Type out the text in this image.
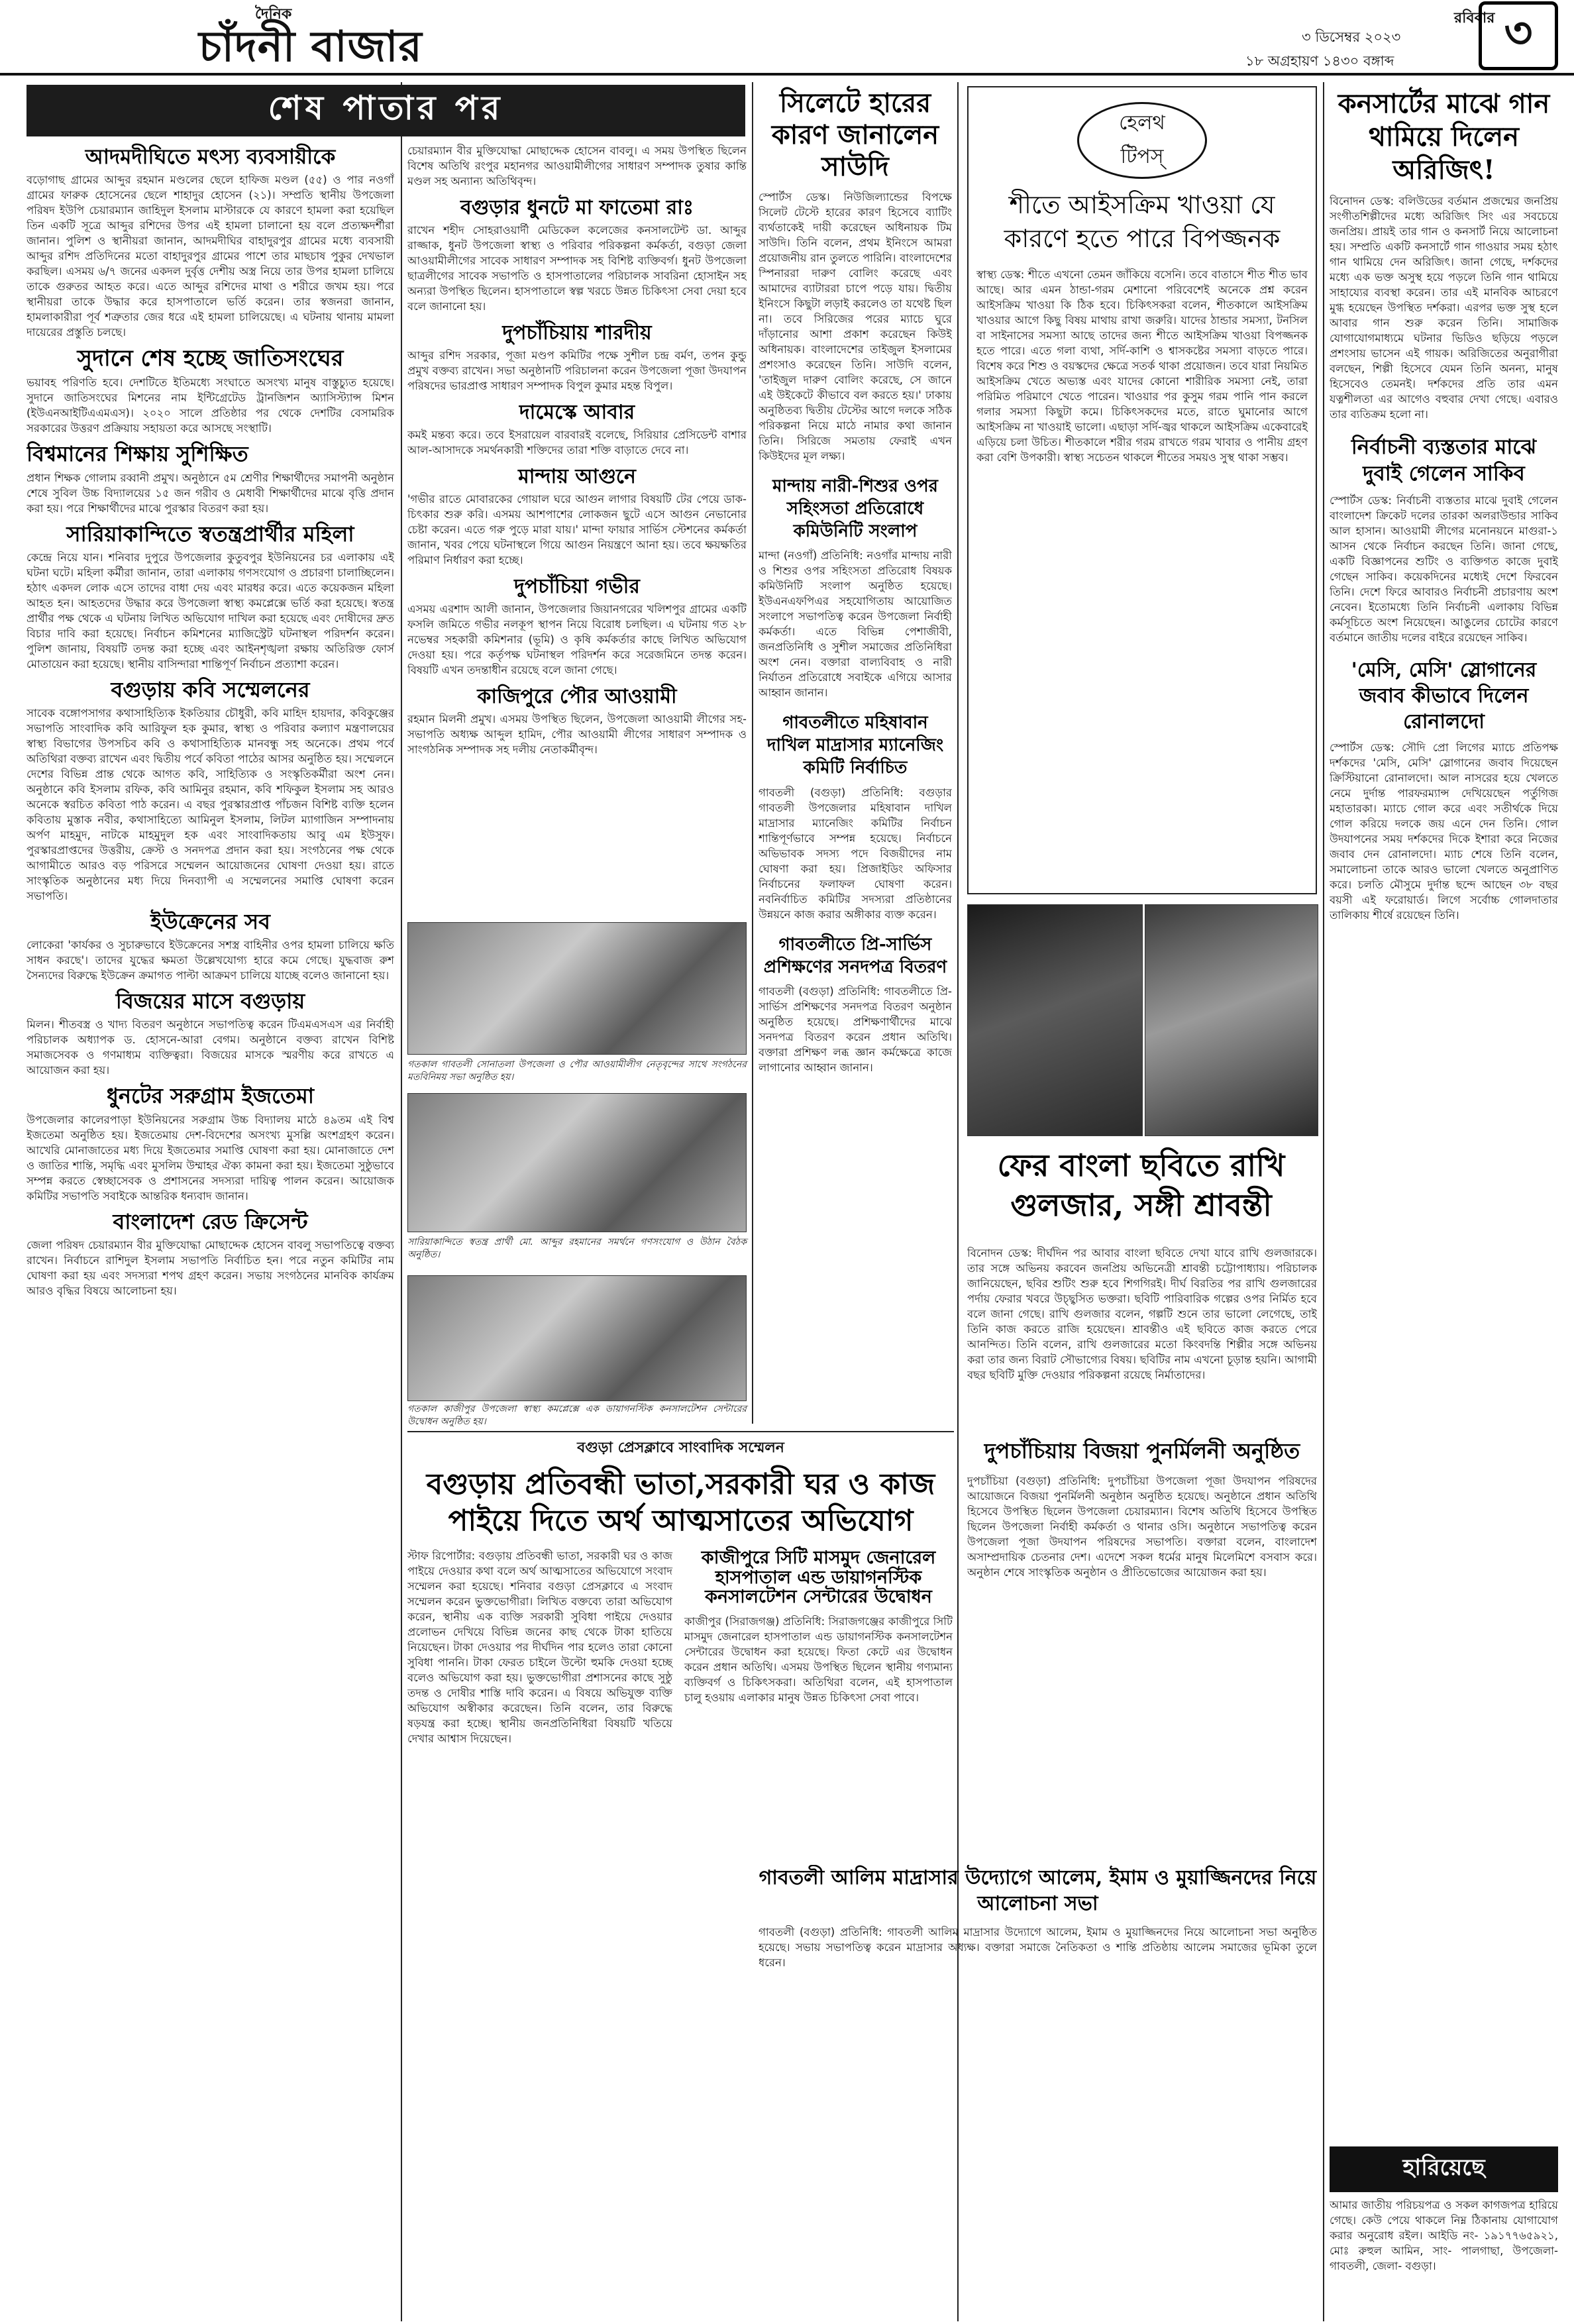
দৈনিক
চাঁদনী বাজার
রবিবার
৩ ডিসেম্বর ২০২৩
১৮ অগ্রহায়ণ ১৪৩০ বঙ্গাব্দ
৩
শেষ পাতার পর
আদমদীঘিতে মৎস্য ব্যবসায়ীকে

বড়োগাছ গ্রামের আব্দুর রহমান মণ্ডলের ছেলে হাফিজ মণ্ডল (৫৫) ও পার নওগাঁ গ্রামের ফারুক হোসেনের ছেলে শাহাদুর হোসেন (২১)। সম্প্রতি স্থানীয় উপজেলা পরিষদ ইউপি চেয়ারম্যান জাহিদুল ইসলাম মাস্টারকে যে কারণে হামলা করা হয়েছিল তিন একটি সূত্রে আব্দুর রশিদের উপর এই হামলা চালানো হয় বলে প্রত্যক্ষদর্শীরা জানান। পুলিশ ও স্থানীয়রা জানান, আদমদীঘির বাহাদুরপুর গ্রামের মধ্যে ব্যবসায়ী আব্দুর রশিদ প্রতিদিনের মতো বাহাদুরপুর গ্রামের পাশে তার মাছচাষ পুকুর দেখভাল করছিল। এসময় ৬/৭ জনের একদল দুর্বৃত্ত দেশীয় অস্ত্র নিয়ে তার উপর হামলা চালিয়ে তাকে গুরুতর আহত করে। এতে আব্দুর রশিদের মাথা ও শরীরে জখম হয়। পরে স্থানীয়রা তাকে উদ্ধার করে হাসপাতালে ভর্তি করেন। তার স্বজনরা জানান, হামলাকারীরা পূর্ব শত্রুতার জের ধরে এই হামলা চালিয়েছে। এ ঘটনায় থানায় মামলা দায়েরের প্রস্তুতি চলছে।

সুদানে শেষ হচ্ছে জাতিসংঘের

ভয়াবহ পরিণতি হবে। দেশটিতে ইতিমধ্যে সংঘাতে অসংখ্য মানুষ বাস্তুচ্যুত হয়েছে। সুদানে জাতিসংঘের মিশনের নাম ইন্টিগ্রেটেড ট্রানজিশন অ্যাসিস্ট্যান্স মিশন (ইউএনআইটিএএমএস)। ২০২০ সালে প্রতিষ্ঠার পর থেকে দেশটির বেসামরিক সরকারের উত্তরণ প্রক্রিয়ায় সহায়তা করে আসছে সংস্থাটি।

বিশ্বমানের শিক্ষায় সুশিক্ষিত

প্রধান শিক্ষক গোলাম রব্বানী প্রমুখ। অনুষ্ঠানে ৫ম শ্রেণীর শিক্ষার্থীদের সমাপনী অনুষ্ঠান শেষে সুবিল উচ্চ বিদ্যালয়ের ১৫ জন গরীব ও মেধাবী শিক্ষার্থীদের মাঝে বৃত্তি প্রদান করা হয়। পরে শিক্ষার্থীদের মাঝে পুরস্কার বিতরণ করা হয়।

সারিয়াকান্দিতে স্বতন্ত্রপ্রার্থীর মহিলা

কেন্দ্রে নিয়ে যান। শনিবার দুপুরে উপজেলার কুতুবপুর ইউনিয়নের চর এলাকায় এই ঘটনা ঘটে। মহিলা কর্মীরা জানান, তারা এলাকায় গণসংযোগ ও প্রচারণা চালাচ্ছিলেন। হঠাৎ একদল লোক এসে তাদের বাধা দেয় এবং মারধর করে। এতে কয়েকজন মহিলা আহত হন। আহতদের উদ্ধার করে উপজেলা স্বাস্থ্য কমপ্লেক্সে ভর্তি করা হয়েছে। স্বতন্ত্র প্রার্থীর পক্ষ থেকে এ ঘটনায় লিখিত অভিযোগ দাখিল করা হয়েছে এবং দোষীদের দ্রুত বিচার দাবি করা হয়েছে। নির্বাচন কমিশনের ম্যাজিস্ট্রেট ঘটনাস্থল পরিদর্শন করেন। পুলিশ জানায়, বিষয়টি তদন্ত করা হচ্ছে এবং আইনশৃঙ্খলা রক্ষায় অতিরিক্ত ফোর্স মোতায়েন করা হয়েছে। স্থানীয় বাসিন্দারা শান্তিপূর্ণ নির্বাচন প্রত্যাশা করেন।

বগুড়ায় কবি সম্মেলনের

সাবেক বঙ্গোপসাগর কথাসাহিত্যিক ইকতিয়ার চৌধুরী, কবি মাহিদ হায়দার, কবিকুঞ্জের সভাপতি সাংবাদিক কবি আরিফুল হক কুমার, স্বাস্থ্য ও পরিবার কল্যাণ মন্ত্রণালয়ের স্বাস্থ্য বিভাগের উপসচিব কবি ও কথাসাহিত্যিক মানবন্ধু সহ অনেকে। প্রথম পর্বে অতিথিরা বক্তব্য রাখেন এবং দ্বিতীয় পর্বে কবিতা পাঠের আসর অনুষ্ঠিত হয়। সম্মেলনে দেশের বিভিন্ন প্রান্ত থেকে আগত কবি, সাহিত্যিক ও সংস্কৃতিকর্মীরা অংশ নেন। অনুষ্ঠানে কবি ইসলাম রফিক, কবি আমিনুর রহমান, কবি শফিকুল ইসলাম সহ আরও অনেকে স্বরচিত কবিতা পাঠ করেন। এ বছর পুরস্কারপ্রাপ্ত পাঁচজন বিশিষ্ট ব্যক্তি হলেন কবিতায় মুস্তাক নবীর, কথাসাহিত্যে আমিনুল ইসলাম, লিটল ম্যাগাজিন সম্পাদনায় অর্পণ মাহমুদ, নাটকে মাহমুদুল হক এবং সাংবাদিকতায় আবু এম ইউসুফ। পুরস্কারপ্রাপ্তদের উত্তরীয়, ক্রেস্ট ও সনদপত্র প্রদান করা হয়। সংগঠনের পক্ষ থেকে আগামীতে আরও বড় পরিসরে সম্মেলন আয়োজনের ঘোষণা দেওয়া হয়। রাতে সাংস্কৃতিক অনুষ্ঠানের মধ্য দিয়ে দিনব্যাপী এ সম্মেলনের সমাপ্তি ঘোষণা করেন সভাপতি।

ইউক্রেনের সব

লোকেরা 'কার্যকর ও সুচারুভাবে ইউক্রেনের সশস্ত্র বাহিনীর ওপর হামলা চালিয়ে ক্ষতি সাধন করছে'। তাদের যুদ্ধের ক্ষমতা উল্লেখযোগ্য হারে কমে গেছে। যুদ্ধবাজ রুশ সৈন্যদের বিরুদ্ধে ইউক্রেন ক্রমাগত পাল্টা আক্রমণ চালিয়ে যাচ্ছে বলেও জানানো হয়।

বিজয়ের মাসে বগুড়ায়

মিলন। শীতবস্ত্র ও খাদ্য বিতরণ অনুষ্ঠানে সভাপতিত্ব করেন টিএমএসএস এর নির্বাহী পরিচালক অধ্যাপক ড. হোসনে-আরা বেগম। অনুষ্ঠানে বক্তব্য রাখেন বিশিষ্ট সমাজসেবক ও গণমাধ্যম ব্যক্তিত্বরা। বিজয়ের মাসকে স্মরণীয় করে রাখতে এ আয়োজন করা হয়।

ধুনটের সরুগ্রাম ইজতেমা

উপজেলার কালেরপাড়া ইউনিয়নের সরুগ্রাম উচ্চ বিদ্যালয় মাঠে ৪৯তম এই বিশ্ব ইজতেমা অনুষ্ঠিত হয়। ইজতেমায় দেশ-বিদেশের অসংখ্য মুসল্লি অংশগ্রহণ করেন। আখেরি মোনাজাতের মধ্য দিয়ে ইজতেমার সমাপ্তি ঘোষণা করা হয়। মোনাজাতে দেশ ও জাতির শান্তি, সমৃদ্ধি এবং মুসলিম উম্মাহর ঐক্য কামনা করা হয়। ইজতেমা সুষ্ঠুভাবে সম্পন্ন করতে স্বেচ্ছাসেবক ও প্রশাসনের সদস্যরা দায়িত্ব পালন করেন। আয়োজক কমিটির সভাপতি সবাইকে আন্তরিক ধন্যবাদ জানান।

বাংলাদেশ রেড ক্রিসেন্ট

জেলা পরিষদ চেয়ারম্যান বীর মুক্তিযোদ্ধা মোছাদ্দেক হোসেন বাবলু সভাপতিত্বে বক্তব্য রাখেন। নির্বাচনে রাশিদুল ইসলাম সভাপতি নির্বাচিত হন। পরে নতুন কমিটির নাম ঘোষণা করা হয় এবং সদস্যরা শপথ গ্রহণ করেন। সভায় সংগঠনের মানবিক কার্যক্রম আরও বৃদ্ধির বিষয়ে আলোচনা হয়।

চেয়ারম্যান বীর মুক্তিযোদ্ধা মোছাদ্দেক হোসেন বাবলু। এ সময় উপস্থিত ছিলেন বিশেষ অতিথি রংপুর মহানগর আওয়ামীলীগের সাধারণ সম্পাদক তুষার কান্তি মণ্ডল সহ অন্যান্য অতিথিবৃন্দ।

বগুড়ার ধুনটে মা ফাতেমা রাঃ

রাখেন শহীদ সোহরাওয়ার্দী মেডিকেল কলেজের কনসালটেন্ট ডা. আব্দুর রাজ্জাক, ধুনট উপজেলা স্বাস্থ্য ও পরিবার পরিকল্পনা কর্মকর্তা, বগুড়া জেলা আওয়ামীলীগের সাবেক সাধারণ সম্পাদক সহ বিশিষ্ট ব্যক্তিবর্গ। ধুনট উপজেলা ছাত্রলীগের সাবেক সভাপতি ও হাসপাতালের পরিচালক সাবরিনা হোসাইন সহ অন্যরা উপস্থিত ছিলেন। হাসপাতালে স্বল্প খরচে উন্নত চিকিৎসা সেবা দেয়া হবে বলে জানানো হয়।

দুপচাঁচিয়ায় শারদীয়

আব্দুর রশিদ সরকার, পূজা মণ্ডপ কমিটির পক্ষে সুশীল চন্দ্র বর্মণ, তপন কুন্ডু প্রমুখ বক্তব্য রাখেন। সভা অনুষ্ঠানটি পরিচালনা করেন উপজেলা পূজা উদযাপন পরিষদের ভারপ্রাপ্ত সাধারণ সম্পাদক বিপুল কুমার মহন্ত বিপুল।

দামেস্কে আবার

কমই মন্তব্য করে। তবে ইসরায়েল বারবারই বলেছে, সিরিয়ার প্রেসিডেন্ট বাশার আল-আসাদকে সমর্থনকারী শক্তিদের তারা শক্তি বাড়াতে দেবে না।

মান্দায় আগুনে

'গভীর রাতে মোবারকের গোয়াল ঘরে আগুন লাগার বিষয়টি টের পেয়ে ডাক-চিৎকার শুরু করি। এসময় আশপাশের লোকজন ছুটে এসে আগুন নেভানোর চেষ্টা করেন। এতে গরু পুড়ে মারা যায়।' মান্দা ফায়ার সার্ভিস স্টেশনের কর্মকর্তা জানান, খবর পেয়ে ঘটনাস্থলে গিয়ে আগুন নিয়ন্ত্রণে আনা হয়। তবে ক্ষয়ক্ষতির পরিমাণ নির্ধারণ করা হচ্ছে।

দুপচাঁচিয়া গভীর

এসময় এরশাদ আলী জানান, উপজেলার জিয়ানগরের খলিশপুর গ্রামের একটি ফসলি জমিতে গভীর নলকূপ স্থাপন নিয়ে বিরোধ চলছিল। এ ঘটনায় গত ২৮ নভেম্বর সহকারী কমিশনার (ভূমি) ও কৃষি কর্মকর্তার কাছে লিখিত অভিযোগ দেওয়া হয়। পরে কর্তৃপক্ষ ঘটনাস্থল পরিদর্শন করে সরেজমিনে তদন্ত করেন। বিষয়টি এখন তদন্তাধীন রয়েছে বলে জানা গেছে।

কাজিপুরে পৌর আওয়ামী

রহমান মিলনী প্রমুখ। এসময় উপস্থিত ছিলেন, উপজেলা আওয়ামী লীগের সহ-সভাপতি অধ্যক্ষ আব্দুল হামিদ, পৌর আওয়ামী লীগের সাধারণ সম্পাদক ও সাংগঠনিক সম্পাদক সহ দলীয় নেতাকর্মীবৃন্দ।

গতকাল গাবতলী সোনাতলা উপজেলা ও পৌর আওয়ামীলীগ নেতৃবৃন্দের সাথে সংগঠনের মতবিনিময় সভা অনুষ্ঠিত হয়।

সারিয়াকান্দিতে স্বতন্ত্র প্রার্থী মো. আব্দুর রহমানের সমর্থনে গণসংযোগ ও উঠান বৈঠক অনুষ্ঠিত।

গতকাল কাজীপুর উপজেলা স্বাস্থ্য কমপ্লেক্সে এক ডায়াগনস্টিক কনসালটেশন সেন্টারের উদ্বোধন অনুষ্ঠিত হয়।

বগুড়া প্রেসক্লাবে সাংবাদিক সম্মেলন
বগুড়ায় প্রতিবন্ধী ভাতা,সরকারী ঘর ও কাজ পাইয়ে দিতে অর্থ আত্মসাতের অভিযোগ

স্টাফ রিপোর্টার: বগুড়ায় প্রতিবন্ধী ভাতা, সরকারী ঘর ও কাজ পাইয়ে দেওয়ার কথা বলে অর্থ আত্মসাতের অভিযোগে সংবাদ সম্মেলন করা হয়েছে। শনিবার বগুড়া প্রেসক্লাবে এ সংবাদ সম্মেলন করেন ভুক্তভোগীরা। লিখিত বক্তব্যে তারা অভিযোগ করেন, স্থানীয় এক ব্যক্তি সরকারী সুবিধা পাইয়ে দেওয়ার প্রলোভন দেখিয়ে বিভিন্ন জনের কাছ থেকে টাকা হাতিয়ে নিয়েছেন। টাকা দেওয়ার পর দীর্ঘদিন পার হলেও তারা কোনো সুবিধা পাননি। টাকা ফেরত চাইলে উল্টো হুমকি দেওয়া হচ্ছে বলেও অভিযোগ করা হয়। ভুক্তভোগীরা প্রশাসনের কাছে সুষ্ঠু তদন্ত ও দোষীর শাস্তি দাবি করেন। এ বিষয়ে অভিযুক্ত ব্যক্তি অভিযোগ অস্বীকার করেছেন। তিনি বলেন, তার বিরুদ্ধে ষড়যন্ত্র করা হচ্ছে। স্থানীয় জনপ্রতিনিধিরা বিষয়টি খতিয়ে দেখার আশ্বাস দিয়েছেন।

কাজীপুরে সিটি মাসমুদ জেনারেল হাসপাতাল এন্ড ডায়াগনস্টিক কনসালটেশন সেন্টারের উদ্বোধন

কাজীপুর (সিরাজগঞ্জ) প্রতিনিধি: সিরাজগঞ্জের কাজীপুরে সিটি মাসমুদ জেনারেল হাসপাতাল এন্ড ডায়াগনস্টিক কনসালটেশন সেন্টারের উদ্বোধন করা হয়েছে। ফিতা কেটে এর উদ্বোধন করেন প্রধান অতিথি। এসময় উপস্থিত ছিলেন স্থানীয় গণ্যমান্য ব্যক্তিবর্গ ও চিকিৎসকরা। অতিথিরা বলেন, এই হাসপাতাল চালু হওয়ায় এলাকার মানুষ উন্নত চিকিৎসা সেবা পাবে।

সিলেটে হারের কারণ জানালেন সাউদি

স্পোর্টস ডেস্ক। নিউজিল্যান্ডের বিপক্ষে সিলেট টেস্টে হারের কারণ হিসেবে ব্যাটিং ব্যর্থতাকেই দায়ী করেছেন অধিনায়ক টিম সাউদি। তিনি বলেন, প্রথম ইনিংসে আমরা প্রয়োজনীয় রান তুলতে পারিনি। বাংলাদেশের স্পিনাররা দারুণ বোলিং করেছে এবং আমাদের ব্যাটাররা চাপে পড়ে যায়। দ্বিতীয় ইনিংসে কিছুটা লড়াই করলেও তা যথেষ্ট ছিল না। তবে সিরিজের পরের ম্যাচে ঘুরে দাঁড়ানোর আশা প্রকাশ করেছেন কিউই অধিনায়ক। বাংলাদেশের তাইজুল ইসলামের প্রশংসাও করেছেন তিনি। সাউদি বলেন, 'তাইজুল দারুণ বোলিং করেছে, সে জানে এই উইকেটে কীভাবে বল করতে হয়।' ঢাকায় অনুষ্ঠিতব্য দ্বিতীয় টেস্টের আগে দলকে সঠিক পরিকল্পনা নিয়ে মাঠে নামার কথা জানান তিনি। সিরিজে সমতায় ফেরাই এখন কিউইদের মূল লক্ষ্য।

মান্দায় নারী-শিশুর ওপর সহিংসতা প্রতিরোধে কমিউনিটি সংলাপ

মান্দা (নওগাঁ) প্রতিনিধি: নওগাঁর মান্দায় নারী ও শিশুর ওপর সহিংসতা প্রতিরোধ বিষয়ক কমিউনিটি সংলাপ অনুষ্ঠিত হয়েছে। ইউএনএফপিএর সহযোগিতায় আয়োজিত সংলাপে সভাপতিত্ব করেন উপজেলা নির্বাহী কর্মকর্তা। এতে বিভিন্ন পেশাজীবী, জনপ্রতিনিধি ও সুশীল সমাজের প্রতিনিধিরা অংশ নেন। বক্তারা বাল্যবিবাহ ও নারী নির্যাতন প্রতিরোধে সবাইকে এগিয়ে আসার আহ্বান জানান।

গাবতলীতে মহিষাবান দাখিল মাদ্রাসার ম্যানেজিং কমিটি নির্বাচিত

গাবতলী (বগুড়া) প্রতিনিধি: বগুড়ার গাবতলী উপজেলার মহিষাবান দাখিল মাদ্রাসার ম্যানেজিং কমিটির নির্বাচন শান্তিপূর্ণভাবে সম্পন্ন হয়েছে। নির্বাচনে অভিভাবক সদস্য পদে বিজয়ীদের নাম ঘোষণা করা হয়। প্রিজাইডিং অফিসার নির্বাচনের ফলাফল ঘোষণা করেন। নবনির্বাচিত কমিটির সদস্যরা প্রতিষ্ঠানের উন্নয়নে কাজ করার অঙ্গীকার ব্যক্ত করেন।

গাবতলীতে প্রি-সার্ভিস প্রশিক্ষণের সনদপত্র বিতরণ

গাবতলী (বগুড়া) প্রতিনিধি: গাবতলীতে প্রি-সার্ভিস প্রশিক্ষণের সনদপত্র বিতরণ অনুষ্ঠান অনুষ্ঠিত হয়েছে। প্রশিক্ষণার্থীদের মাঝে সনদপত্র বিতরণ করেন প্রধান অতিথি। বক্তারা প্রশিক্ষণ লব্ধ জ্ঞান কর্মক্ষেত্রে কাজে লাগানোর আহ্বান জানান।

হেলথ টিপস্
শীতে আইসক্রিম খাওয়া যে কারণে হতে পারে বিপজ্জনক

স্বাস্থ্য ডেস্ক: শীতে এখনো তেমন জাঁকিয়ে বসেনি। তবে বাতাসে শীত শীত ভাব আছে। আর এমন ঠান্ডা-গরম মেশানো পরিবেশেই অনেকে প্রশ্ন করেন আইসক্রিম খাওয়া কি ঠিক হবে। চিকিৎসকরা বলেন, শীতকালে আইসক্রিম খাওয়ার আগে কিছু বিষয় মাথায় রাখা জরুরি। যাদের ঠান্ডার সমস্যা, টনসিল বা সাইনাসের সমস্যা আছে তাদের জন্য শীতে আইসক্রিম খাওয়া বিপজ্জনক হতে পারে। এতে গলা ব্যথা, সর্দি-কাশি ও শ্বাসকষ্টের সমস্যা বাড়তে পারে। বিশেষ করে শিশু ও বয়স্কদের ক্ষেত্রে সতর্ক থাকা প্রয়োজন। তবে যারা নিয়মিত আইসক্রিম খেতে অভ্যস্ত এবং যাদের কোনো শারীরিক সমস্যা নেই, তারা পরিমিত পরিমাণে খেতে পারেন। খাওয়ার পর কুসুম গরম পানি পান করলে গলার সমস্যা কিছুটা কমে। চিকিৎসকদের মতে, রাতে ঘুমানোর আগে আইসক্রিম না খাওয়াই ভালো। এছাড়া সর্দি-জ্বর থাকলে আইসক্রিম একেবারেই এড়িয়ে চলা উচিত। শীতকালে শরীর গরম রাখতে গরম খাবার ও পানীয় গ্রহণ করা বেশি উপকারী। স্বাস্থ্য সচেতন থাকলে শীতের সময়ও সুস্থ থাকা সম্ভব।

ফের বাংলা ছবিতে রাখি গুলজার, সঙ্গী শ্রাবন্তী

বিনোদন ডেস্ক: দীর্ঘদিন পর আবার বাংলা ছবিতে দেখা যাবে রাখি গুলজারকে। তার সঙ্গে অভিনয় করবেন জনপ্রিয় অভিনেত্রী শ্রাবন্তী চট্টোপাধ্যায়। পরিচালক জানিয়েছেন, ছবির শুটিং শুরু হবে শিগগিরই। দীর্ঘ বিরতির পর রাখি গুলজারের পর্দায় ফেরার খবরে উচ্ছ্বসিত ভক্তরা। ছবিটি পারিবারিক গল্পের ওপর নির্মিত হবে বলে জানা গেছে। রাখি গুলজার বলেন, গল্পটি শুনে তার ভালো লেগেছে, তাই তিনি কাজ করতে রাজি হয়েছেন। শ্রাবন্তীও এই ছবিতে কাজ করতে পেরে আনন্দিত। তিনি বলেন, রাখি গুলজারের মতো কিংবদন্তি শিল্পীর সঙ্গে অভিনয় করা তার জন্য বিরাট সৌভাগ্যের বিষয়। ছবিটির নাম এখনো চূড়ান্ত হয়নি। আগামী বছর ছবিটি মুক্তি দেওয়ার পরিকল্পনা রয়েছে নির্মাতাদের।

দুপচাঁচিয়ায় বিজয়া পুনর্মিলনী অনুষ্ঠিত

দুপচাঁচিয়া (বগুড়া) প্রতিনিধি: দুপচাঁচিয়া উপজেলা পূজা উদযাপন পরিষদের আয়োজনে বিজয়া পুনর্মিলনী অনুষ্ঠান অনুষ্ঠিত হয়েছে। অনুষ্ঠানে প্রধান অতিথি হিসেবে উপস্থিত ছিলেন উপজেলা চেয়ারম্যান। বিশেষ অতিথি হিসেবে উপস্থিত ছিলেন উপজেলা নির্বাহী কর্মকর্তা ও থানার ওসি। অনুষ্ঠানে সভাপতিত্ব করেন উপজেলা পূজা উদযাপন পরিষদের সভাপতি। বক্তারা বলেন, বাংলাদেশ অসাম্প্রদায়িক চেতনার দেশ। এদেশে সকল ধর্মের মানুষ মিলেমিশে বসবাস করে। অনুষ্ঠান শেষে সাংস্কৃতিক অনুষ্ঠান ও প্রীতিভোজের আয়োজন করা হয়।

গাবতলী আলিম মাদ্রাসার উদ্যোগে আলেম, ইমাম ও মুয়াজ্জিনদের নিয়ে আলোচনা সভা

গাবতলী (বগুড়া) প্রতিনিধি: গাবতলী আলিম মাদ্রাসার উদ্যোগে আলেম, ইমাম ও মুয়াজ্জিনদের নিয়ে আলোচনা সভা অনুষ্ঠিত হয়েছে। সভায় সভাপতিত্ব করেন মাদ্রাসার অধ্যক্ষ। বক্তারা সমাজে নৈতিকতা ও শান্তি প্রতিষ্ঠায় আলেম সমাজের ভূমিকা তুলে ধরেন।

কনসার্টের মাঝে গান থামিয়ে দিলেন অরিজিৎ!

বিনোদন ডেস্ক: বলিউডের বর্তমান প্রজন্মের জনপ্রিয় সংগীতশিল্পীদের মধ্যে অরিজিৎ সিং এর সবচেয়ে জনপ্রিয়। প্রায়ই তার গান ও কনসার্ট নিয়ে আলোচনা হয়। সম্প্রতি একটি কনসার্টে গান গাওয়ার সময় হঠাৎ গান থামিয়ে দেন অরিজিৎ। জানা গেছে, দর্শকদের মধ্যে এক ভক্ত অসুস্থ হয়ে পড়লে তিনি গান থামিয়ে সাহায্যের ব্যবস্থা করেন। তার এই মানবিক আচরণে মুগ্ধ হয়েছেন উপস্থিত দর্শকরা। এরপর ভক্ত সুস্থ হলে আবার গান শুরু করেন তিনি। সামাজিক যোগাযোগমাধ্যমে ঘটনার ভিডিও ছড়িয়ে পড়লে প্রশংসায় ভাসেন এই গায়ক। অরিজিতের অনুরাগীরা বলছেন, শিল্পী হিসেবে যেমন তিনি অনন্য, মানুষ হিসেবেও তেমনই। দর্শকদের প্রতি তার এমন যত্নশীলতা এর আগেও বহুবার দেখা গেছে। এবারও তার ব্যতিক্রম হলো না।

নির্বাচনী ব্যস্ততার মাঝে দুবাই গেলেন সাকিব

স্পোর্টস ডেস্ক: নির্বাচনী ব্যস্ততার মাঝে দুবাই গেলেন বাংলাদেশ ক্রিকেট দলের তারকা অলরাউন্ডার সাকিব আল হাসান। আওয়ামী লীগের মনোনয়নে মাগুরা-১ আসন থেকে নির্বাচন করছেন তিনি। জানা গেছে, একটি বিজ্ঞাপনের শুটিং ও ব্যক্তিগত কাজে দুবাই গেছেন সাকিব। কয়েকদিনের মধ্যেই দেশে ফিরবেন তিনি। দেশে ফিরে আবারও নির্বাচনী প্রচারণায় অংশ নেবেন। ইতোমধ্যে তিনি নির্বাচনী এলাকায় বিভিন্ন কর্মসূচিতে অংশ নিয়েছেন। আঙুলের চোটের কারণে বর্তমানে জাতীয় দলের বাইরে রয়েছেন সাকিব।

'মেসি, মেসি' স্লোগানের জবাব কীভাবে দিলেন রোনালদো

স্পোর্টস ডেস্ক: সৌদি প্রো লিগের ম্যাচে প্রতিপক্ষ দর্শকদের 'মেসি, মেসি' স্লোগানের জবাব দিয়েছেন ক্রিস্টিয়ানো রোনালদো। আল নাসরের হয়ে খেলতে নেমে দুর্দান্ত পারফরম্যান্স দেখিয়েছেন পর্তুগিজ মহাতারকা। ম্যাচে গোল করে এবং সতীর্থকে দিয়ে গোল করিয়ে দলকে জয় এনে দেন তিনি। গোল উদযাপনের সময় দর্শকদের দিকে ইশারা করে নিজের জবাব দেন রোনালদো। ম্যাচ শেষে তিনি বলেন, সমালোচনা তাকে আরও ভালো খেলতে অনুপ্রাণিত করে। চলতি মৌসুমে দুর্দান্ত ছন্দে আছেন ৩৮ বছর বয়সী এই ফরোয়ার্ড। লিগে সর্বোচ্চ গোলদাতার তালিকায় শীর্ষে রয়েছেন তিনি।

হারিয়েছে

আমার জাতীয় পরিচয়পত্র ও সকল কাগজপত্র হারিয়ে গেছে। কেউ পেয়ে থাকলে নিম্ন ঠিকানায় যোগাযোগ করার অনুরোধ রইল। আইডি নং- ১৯১৭৭৬৫৯২১, মোঃ রুহুল আমিন, সাং- পালগাছা, উপজেলা- গাবতলী, জেলা- বগুড়া।
